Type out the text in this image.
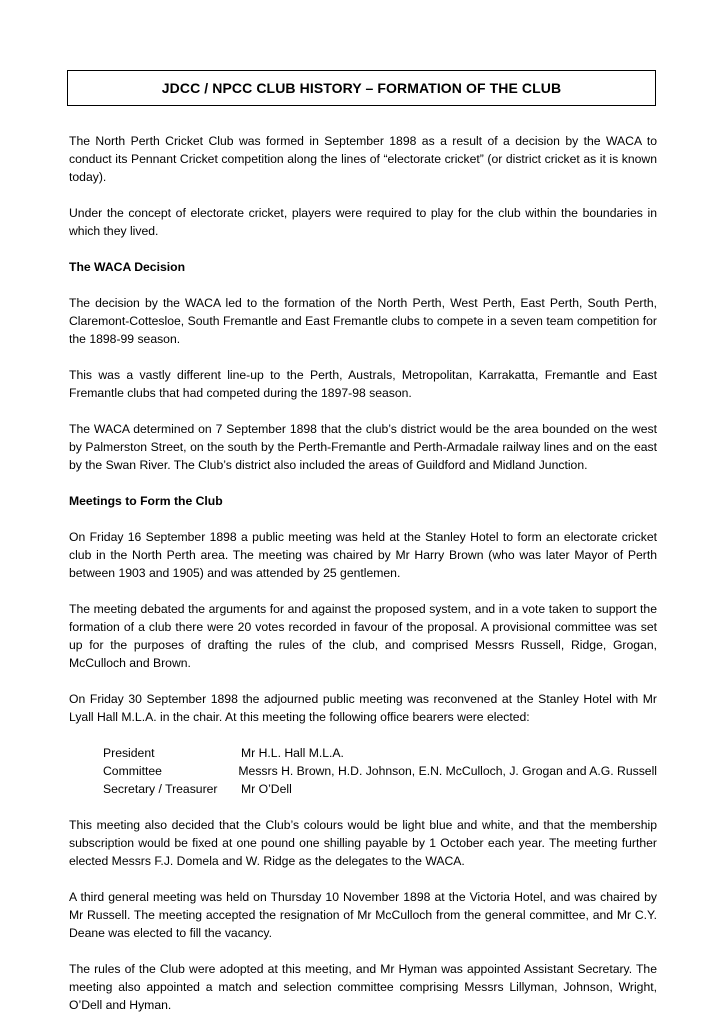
JDCC / NPCC CLUB HISTORY – FORMATION OF THE CLUB

The North Perth Cricket Club was formed in September 1898 as a result of a decision by the WACA to conduct its Pennant Cricket competition along the lines of “electorate cricket” (or district cricket as it is known today).

Under the concept of electorate cricket, players were required to play for the club within the boundaries in which they lived.

The WACA Decision

The decision by the WACA led to the formation of the North Perth, West Perth, East Perth, South Perth, Claremont-Cottesloe, South Fremantle and East Fremantle clubs to compete in a seven team competition for the 1898-99 season.

This was a vastly different line-up to the Perth, Australs, Metropolitan, Karrakatta, Fremantle and East Fremantle clubs that had competed during the 1897-98 season.

The WACA determined on 7 September 1898 that the club’s district would be the area bounded on the west by Palmerston Street, on the south by the Perth-Fremantle and Perth-Armadale railway lines and on the east by the Swan River. The Club’s district also included the areas of Guildford and Midland Junction.

Meetings to Form the Club

On Friday 16 September 1898 a public meeting was held at the Stanley Hotel to form an electorate cricket club in the North Perth area. The meeting was chaired by Mr Harry Brown (who was later Mayor of Perth between 1903 and 1905) and was attended by 25 gentlemen.

The meeting debated the arguments for and against the proposed system, and in a vote taken to support the formation of a club there were 20 votes recorded in favour of the proposal. A provisional committee was set up for the purposes of drafting the rules of the club, and comprised Messrs Russell, Ridge, Grogan, McCulloch and Brown.

On Friday 30 September 1898 the adjourned public meeting was reconvened at the Stanley Hotel with Mr Lyall Hall M.L.A. in the chair. At this meeting the following office bearers were elected:

President	Mr H.L. Hall M.L.A.
Committee	Messrs H. Brown, H.D. Johnson, E.N. McCulloch, J. Grogan and A.G. Russell
Secretary / Treasurer	Mr O’Dell

This meeting also decided that the Club’s colours would be light blue and white, and that the membership subscription would be fixed at one pound one shilling payable by 1 October each year. The meeting further elected Messrs F.J. Domela and W. Ridge as the delegates to the WACA.

A third general meeting was held on Thursday 10 November 1898 at the Victoria Hotel, and was chaired by Mr Russell. The meeting accepted the resignation of Mr McCulloch from the general committee, and Mr C.Y. Deane was elected to fill the vacancy.

The rules of the Club were adopted at this meeting, and Mr Hyman was appointed Assistant Secretary. The meeting also appointed a match and selection committee comprising Messrs Lillyman, Johnson, Wright, O’Dell and Hyman.
